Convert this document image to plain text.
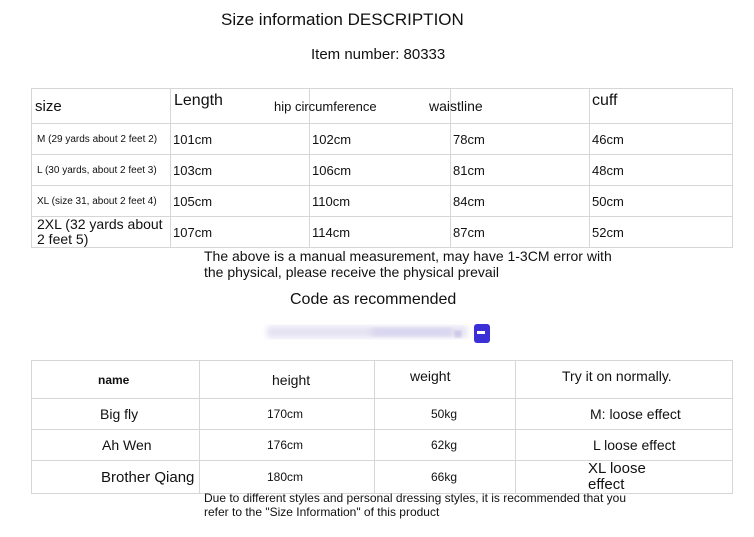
Size information DESCRIPTION
Item number: 80333
size	Length	hip circumference	waistline	cuff
M (29 yards about 2 feet 2)	101cm	102cm	78cm	46cm
L (30 yards, about 2 feet 3)	103cm	106cm	81cm	48cm
XL (size 31, about 2 feet 4)	105cm	110cm	84cm	50cm
2XL (32 yards about 2 feet 5)	107cm	114cm	87cm	52cm
The above is a manual measurement, may have 1-3CM error with the physical, please receive the physical prevail
Code as recommended
name	height	weight	Try it on normally.
Big fly	170cm	50kg	M: loose effect
Ah Wen	176cm	62kg	L loose effect
Brother Qiang	180cm	66kg	XL loose effect
Due to different styles and personal dressing styles, it is recommended that you refer to the "Size Information" of this product
